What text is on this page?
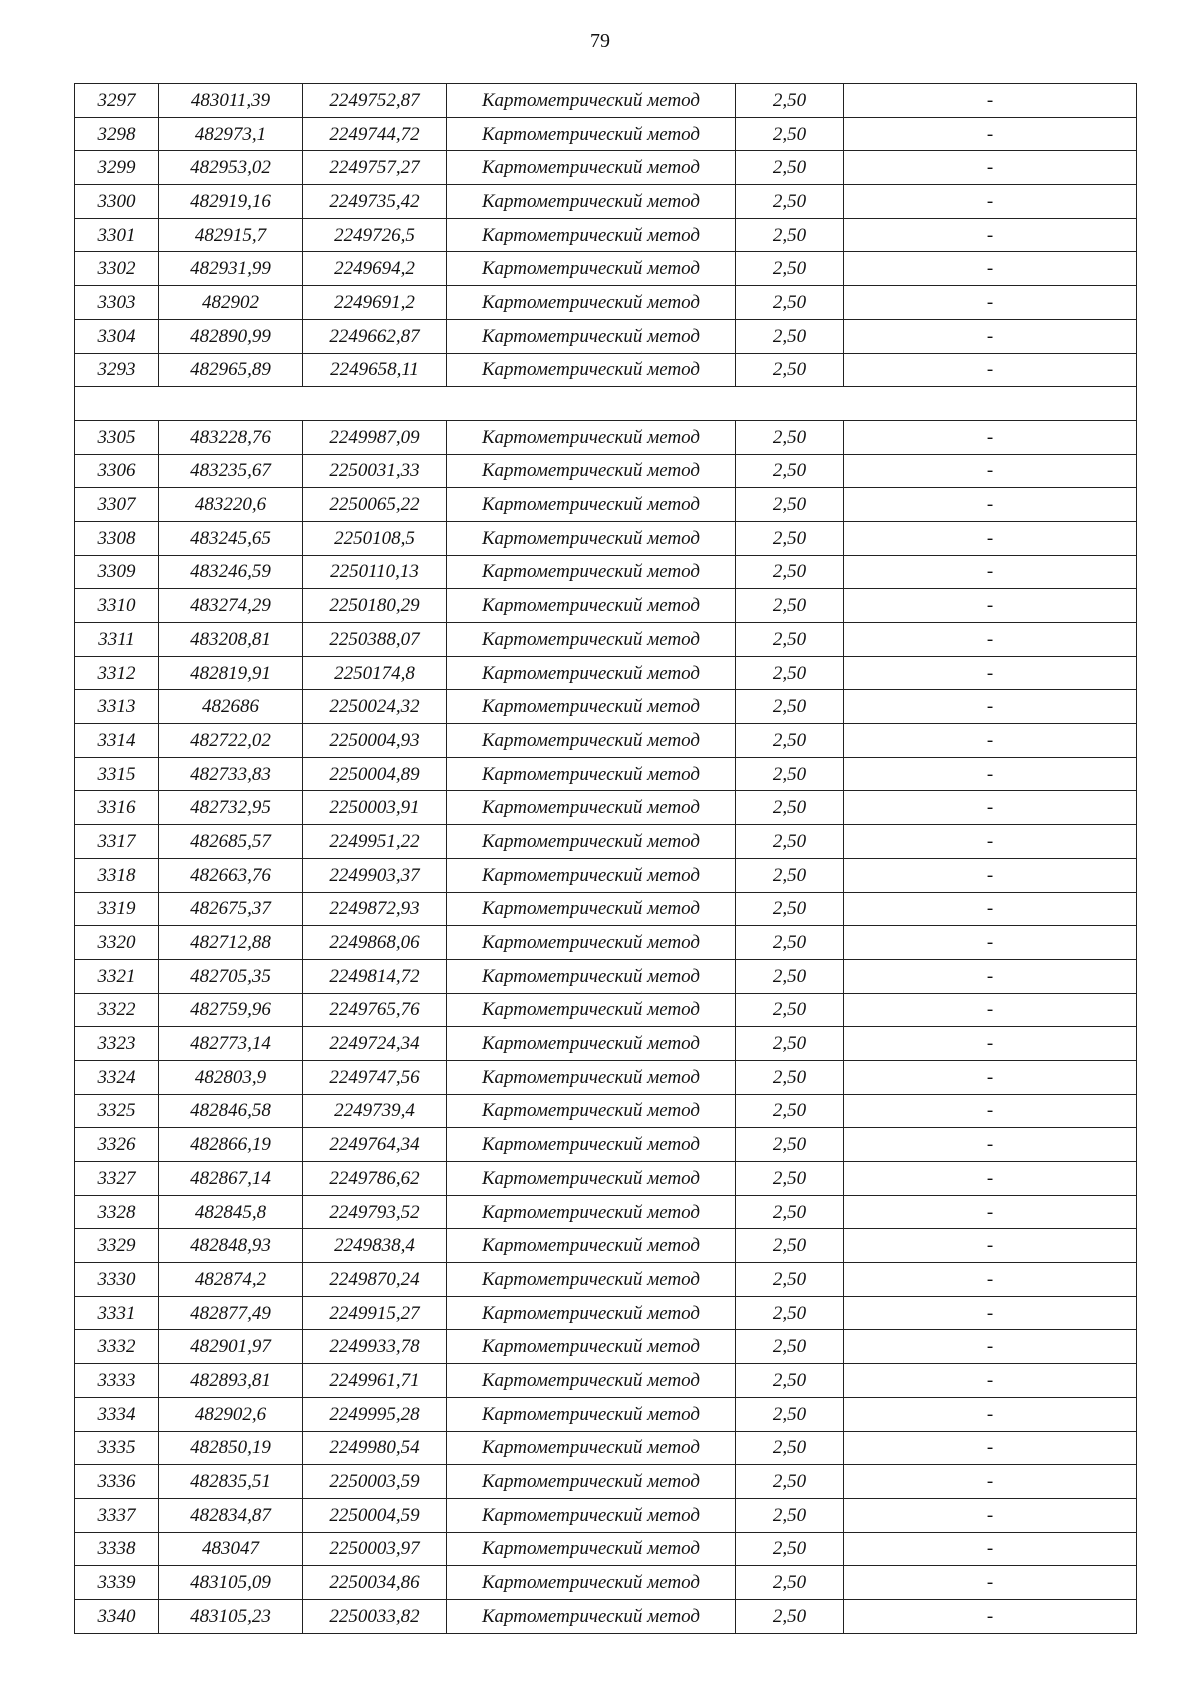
79
3297	483011,39	2249752,87	Картометрический метод	2,50	-
3298	482973,1	2249744,72	Картометрический метод	2,50	-
3299	482953,02	2249757,27	Картометрический метод	2,50	-
3300	482919,16	2249735,42	Картометрический метод	2,50	-
3301	482915,7	2249726,5	Картометрический метод	2,50	-
3302	482931,99	2249694,2	Картометрический метод	2,50	-
3303	482902	2249691,2	Картометрический метод	2,50	-
3304	482890,99	2249662,87	Картометрический метод	2,50	-
3293	482965,89	2249658,11	Картометрический метод	2,50	-

3305	483228,76	2249987,09	Картометрический метод	2,50	-
3306	483235,67	2250031,33	Картометрический метод	2,50	-
3307	483220,6	2250065,22	Картометрический метод	2,50	-
3308	483245,65	2250108,5	Картометрический метод	2,50	-
3309	483246,59	2250110,13	Картометрический метод	2,50	-
3310	483274,29	2250180,29	Картометрический метод	2,50	-
3311	483208,81	2250388,07	Картометрический метод	2,50	-
3312	482819,91	2250174,8	Картометрический метод	2,50	-
3313	482686	2250024,32	Картометрический метод	2,50	-
3314	482722,02	2250004,93	Картометрический метод	2,50	-
3315	482733,83	2250004,89	Картометрический метод	2,50	-
3316	482732,95	2250003,91	Картометрический метод	2,50	-
3317	482685,57	2249951,22	Картометрический метод	2,50	-
3318	482663,76	2249903,37	Картометрический метод	2,50	-
3319	482675,37	2249872,93	Картометрический метод	2,50	-
3320	482712,88	2249868,06	Картометрический метод	2,50	-
3321	482705,35	2249814,72	Картометрический метод	2,50	-
3322	482759,96	2249765,76	Картометрический метод	2,50	-
3323	482773,14	2249724,34	Картометрический метод	2,50	-
3324	482803,9	2249747,56	Картометрический метод	2,50	-
3325	482846,58	2249739,4	Картометрический метод	2,50	-
3326	482866,19	2249764,34	Картометрический метод	2,50	-
3327	482867,14	2249786,62	Картометрический метод	2,50	-
3328	482845,8	2249793,52	Картометрический метод	2,50	-
3329	482848,93	2249838,4	Картометрический метод	2,50	-
3330	482874,2	2249870,24	Картометрический метод	2,50	-
3331	482877,49	2249915,27	Картометрический метод	2,50	-
3332	482901,97	2249933,78	Картометрический метод	2,50	-
3333	482893,81	2249961,71	Картометрический метод	2,50	-
3334	482902,6	2249995,28	Картометрический метод	2,50	-
3335	482850,19	2249980,54	Картометрический метод	2,50	-
3336	482835,51	2250003,59	Картометрический метод	2,50	-
3337	482834,87	2250004,59	Картометрический метод	2,50	-
3338	483047	2250003,97	Картометрический метод	2,50	-
3339	483105,09	2250034,86	Картометрический метод	2,50	-
3340	483105,23	2250033,82	Картометрический метод	2,50	-
